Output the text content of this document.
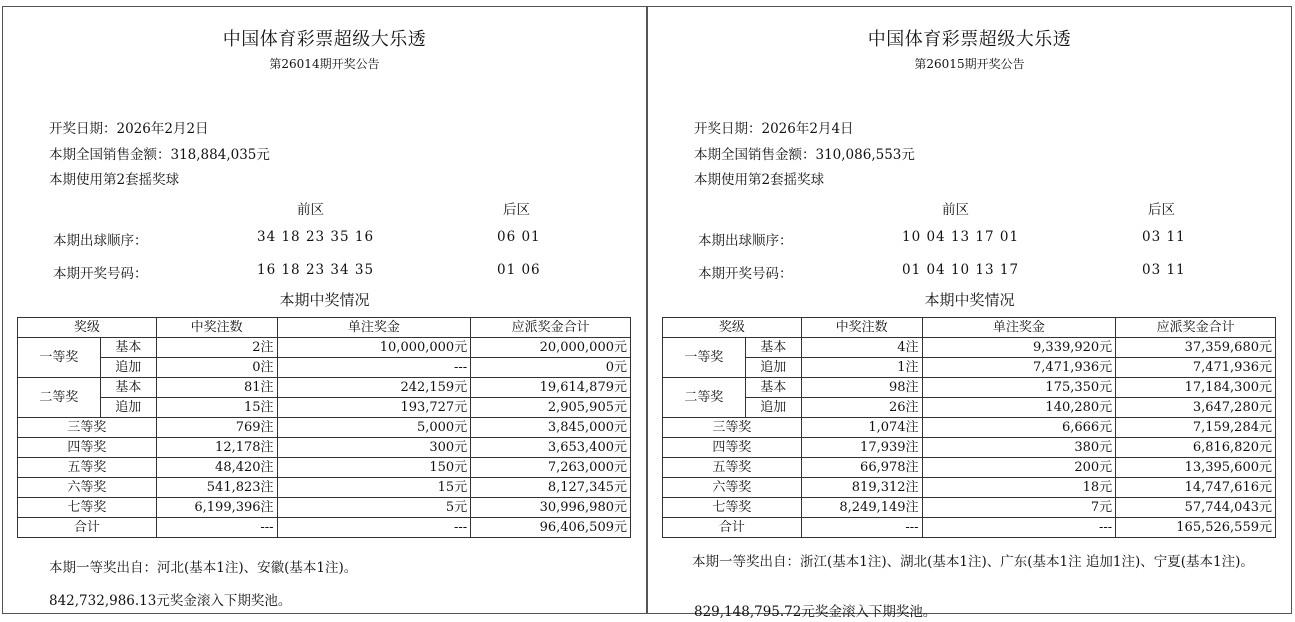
中国体育彩票超级大乐透
第26014期开奖公告
开奖日期：2026年2月2日
本期全国销售金额：318,884,035元
本期使用第2套摇奖球
前区	后区
本期出球顺序：	34 18 23 35 16	06 01
本期开奖号码：	16 18 23 34 35	01 06
本期中奖情况
奖级		中奖注数	单注奖金	应派奖金合计
一等奖	基本	2注	10,000,000元	20,000,000元
	追加	0注	---	0元
二等奖	基本	81注	242,159元	19,614,879元
	追加	15注	193,727元	2,905,905元
三等奖		769注	5,000元	3,845,000元
四等奖		12,178注	300元	3,653,400元
五等奖		48,420注	150元	7,263,000元
六等奖		541,823注	15元	8,127,345元
七等奖		6,199,396注	5元	30,996,980元
合计		---	---	96,406,509元
本期一等奖出自：河北(基本1注)、安徽(基本1注)。
842,732,986.13元奖金滚入下期奖池。
中国体育彩票超级大乐透
第26015期开奖公告
开奖日期：2026年2月4日
本期全国销售金额：310,086,553元
本期使用第2套摇奖球
前区	后区
本期出球顺序：	10 04 13 17 01	03 11
本期开奖号码：	01 04 10 13 17	03 11
本期中奖情况
奖级		中奖注数	单注奖金	应派奖金合计
一等奖	基本	4注	9,339,920元	37,359,680元
	追加	1注	7,471,936元	7,471,936元
二等奖	基本	98注	175,350元	17,184,300元
	追加	26注	140,280元	3,647,280元
三等奖		1,074注	6,666元	7,159,284元
四等奖		17,939注	380元	6,816,820元
五等奖		66,978注	200元	13,395,600元
六等奖		819,312注	18元	14,747,616元
七等奖		8,249,149注	7元	57,744,043元
合计		---	---	165,526,559元
本期一等奖出自：浙江(基本1注)、湖北(基本1注)、广东(基本1注 追加1注)、宁夏(基本1注)。
829,148,795.72元奖金滚入下期奖池。
